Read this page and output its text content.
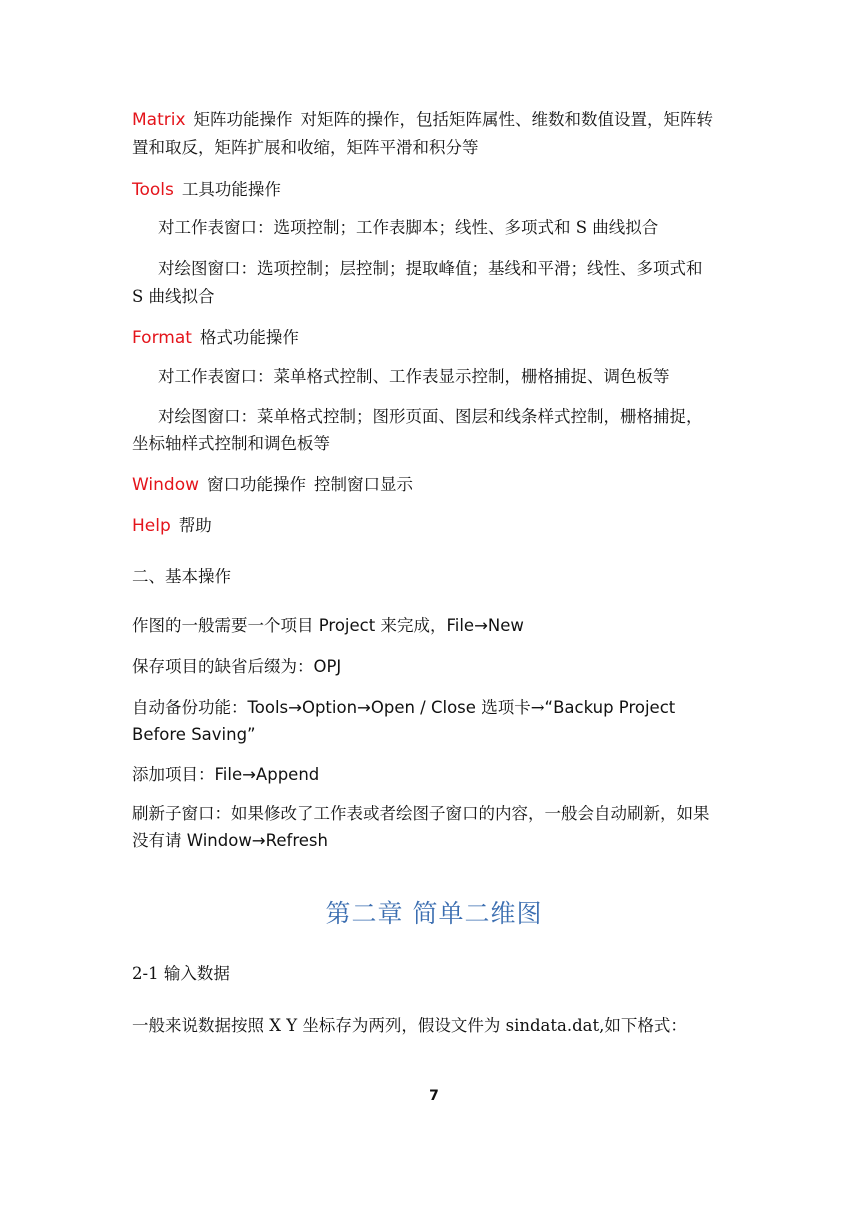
Matrix 矩阵功能操作 对矩阵的操作，包括矩阵属性、维数和数值设置，矩阵转
置和取反，矩阵扩展和收缩，矩阵平滑和积分等
Tools 工具功能操作
对工作表窗口：选项控制；工作表脚本；线性、多项式和 S 曲线拟合
对绘图窗口：选项控制；层控制；提取峰值；基线和平滑；线性、多项式和
S 曲线拟合
Format 格式功能操作
对工作表窗口：菜单格式控制、工作表显示控制，栅格捕捉、调色板等
对绘图窗口：菜单格式控制；图形页面、图层和线条样式控制，栅格捕捉，
坐标轴样式控制和调色板等
Window 窗口功能操作 控制窗口显示
Help 帮助
二、基本操作
作图的一般需要一个项目 Project 来完成，File→New
保存项目的缺省后缀为：OPJ
自动备份功能：Tools→Option→Open / Close 选项卡→“Backup Project
Before Saving”
添加项目：File→Append
刷新子窗口：如果修改了工作表或者绘图子窗口的内容，一般会自动刷新，如果
没有请 Window→Refresh
第二章 简单二维图
2-1 输入数据
一般来说数据按照 X Y 坐标存为两列，假设文件为 sindata.dat,如下格式：
7
